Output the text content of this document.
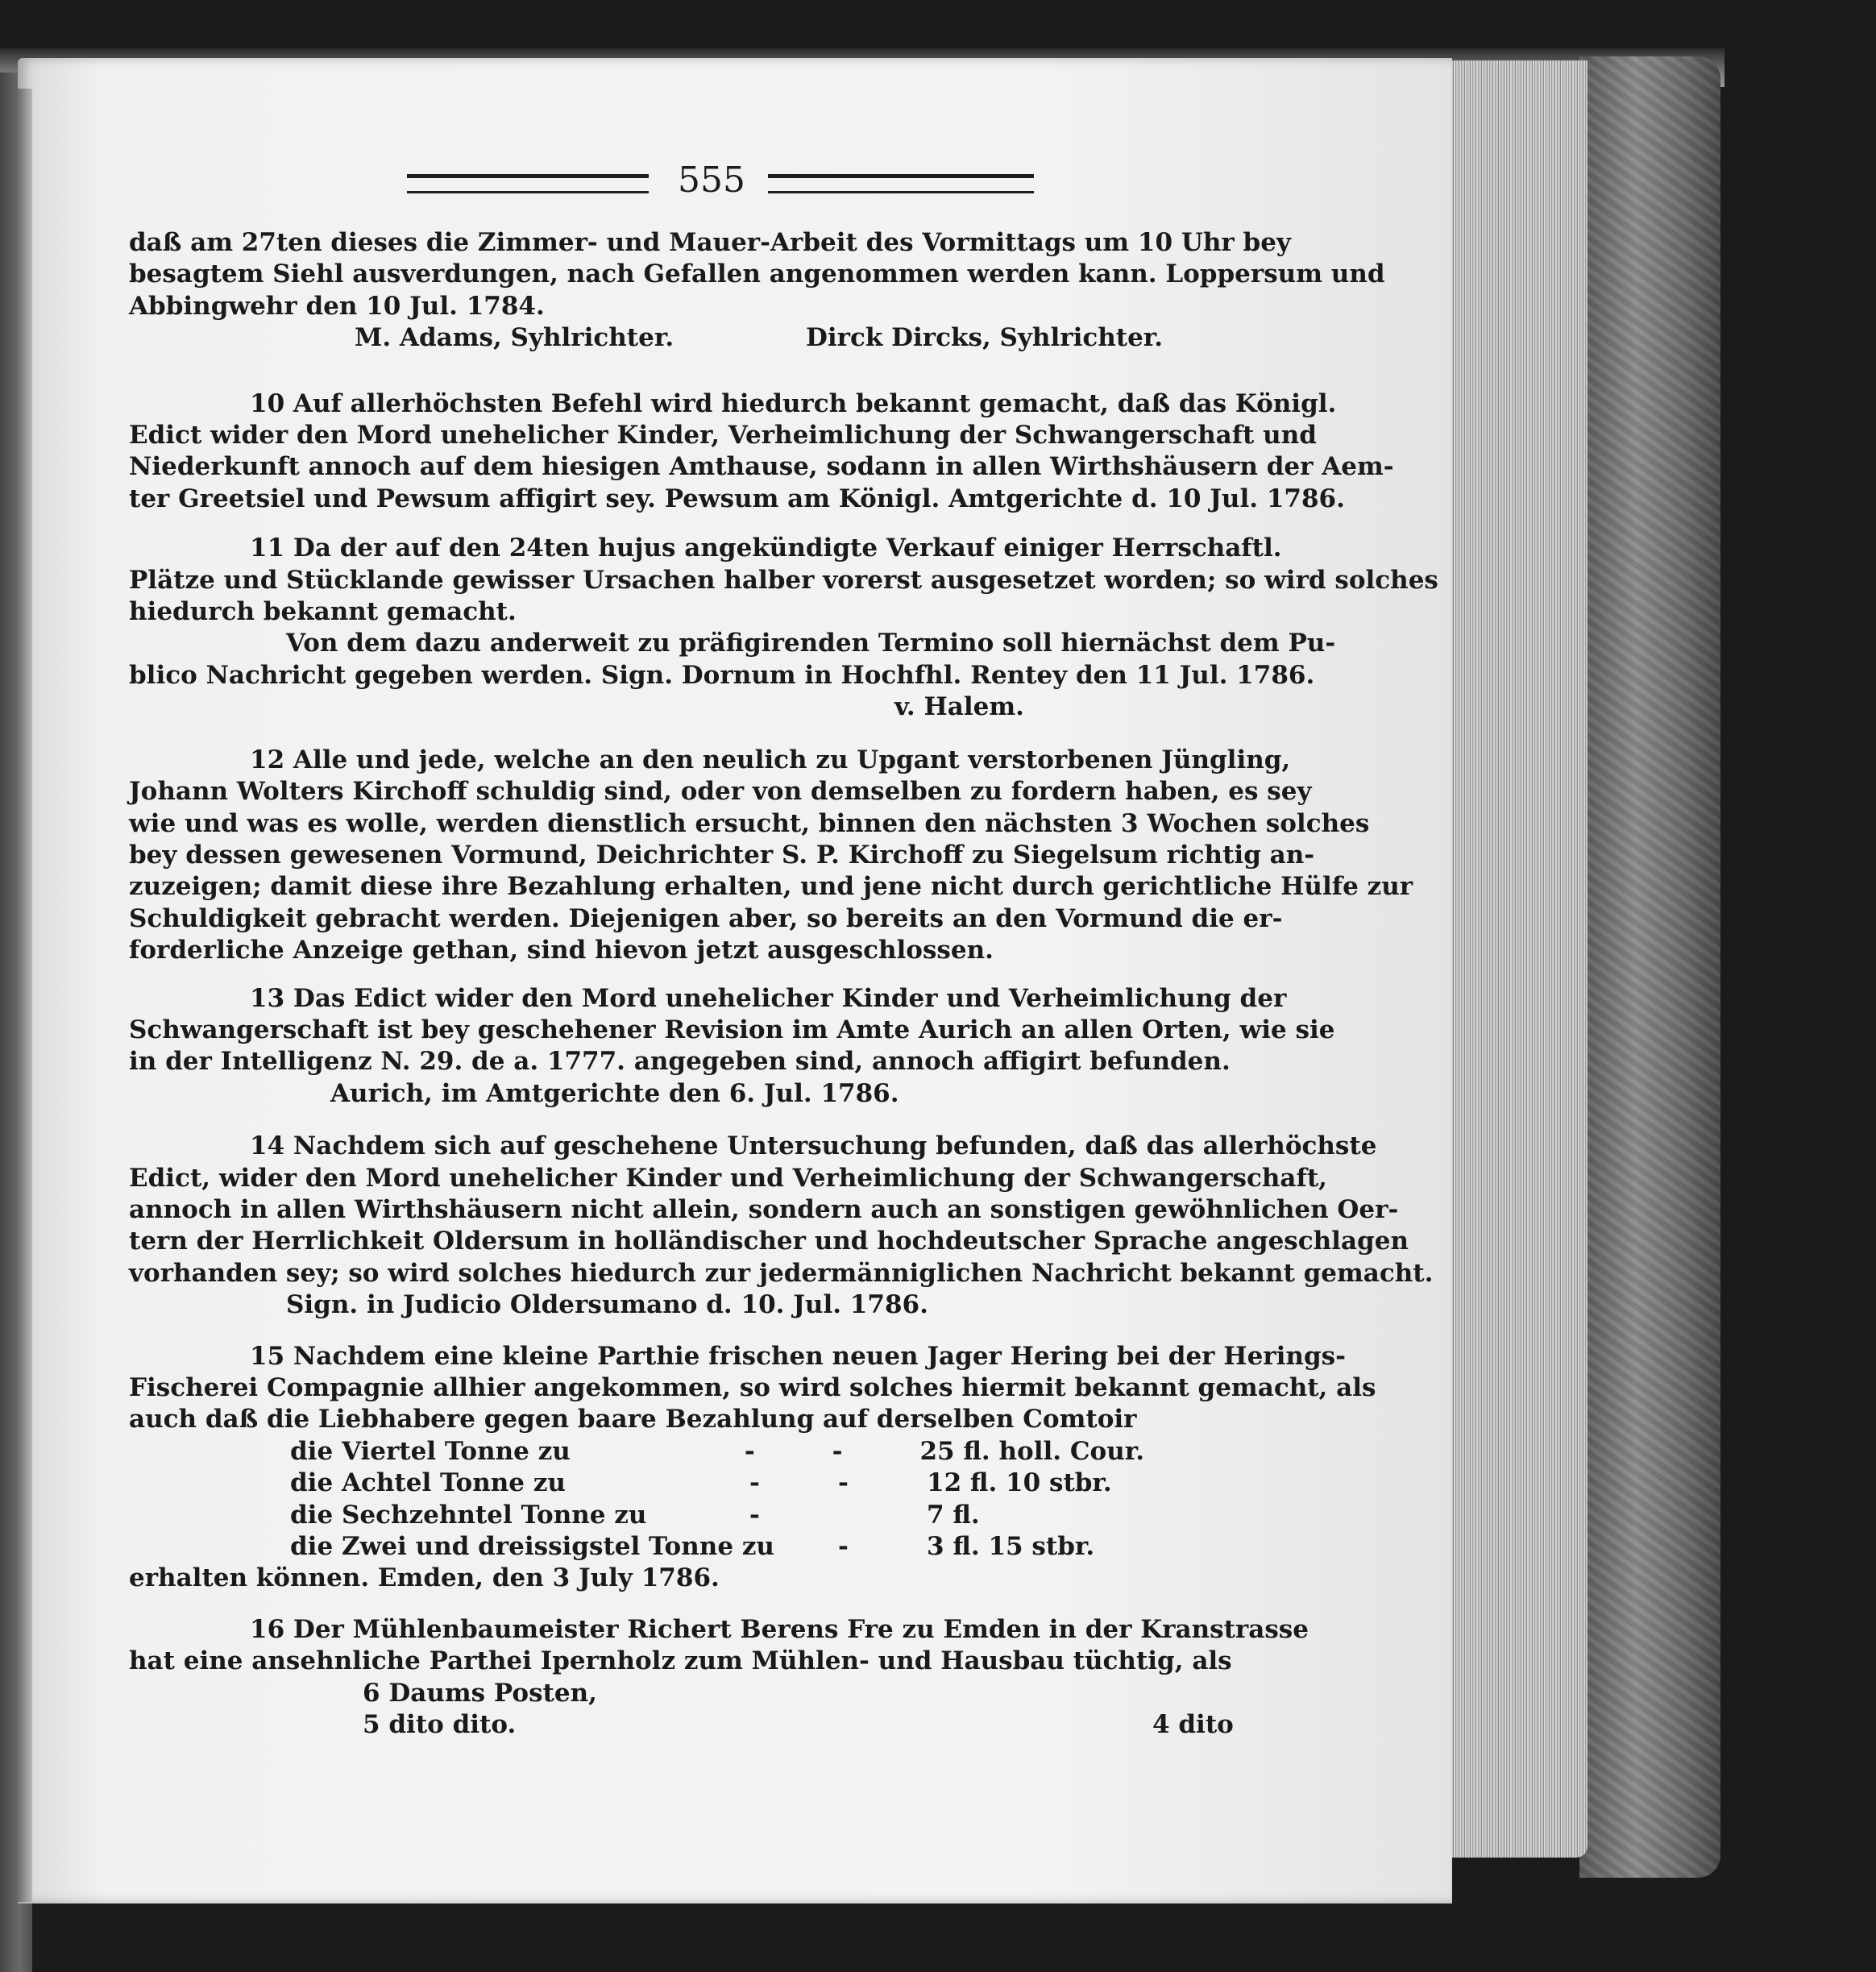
555
daß am 27ten dieses die Zimmer- und Mauer-Arbeit des Vormittags um 10 Uhr bey
besagtem Siehl ausverdungen, nach Gefallen angenommen werden kann. Loppersum und
Abbingwehr den 10 Jul. 1784.
M. Adams, Syhlrichter.	Dirck Dircks, Syhlrichter.
10 Auf allerhöchsten Befehl wird hiedurch bekannt gemacht, daß das Königl.
Edict wider den Mord unehelicher Kinder, Verheimlichung der Schwangerschaft und
Niederkunft annoch auf dem hiesigen Amthause, sodann in allen Wirthshäusern der Aem-
ter Greetsiel und Pewsum affigirt sey. Pewsum am Königl. Amtgerichte d. 10 Jul. 1786.
11 Da der auf den 24ten hujus angekündigte Verkauf einiger Herrschaftl.
Plätze und Stücklande gewisser Ursachen halber vorerst ausgesetzet worden; so wird solches
hiedurch bekannt gemacht.
Von dem dazu anderweit zu präfigirenden Termino soll hiernächst dem Pu-
blico Nachricht gegeben werden. Sign. Dornum in Hochfhl. Rentey den 11 Jul. 1786.
v. Halem.
12 Alle und jede, welche an den neulich zu Upgant verstorbenen Jüngling,
Johann Wolters Kirchoff schuldig sind, oder von demselben zu fordern haben, es sey
wie und was es wolle, werden dienstlich ersucht, binnen den nächsten 3 Wochen solches
bey dessen gewesenen Vormund, Deichrichter S. P. Kirchoff zu Siegelsum richtig an-
zuzeigen; damit diese ihre Bezahlung erhalten, und jene nicht durch gerichtliche Hülfe zur
Schuldigkeit gebracht werden. Diejenigen aber, so bereits an den Vormund die er-
forderliche Anzeige gethan, sind hievon jetzt ausgeschlossen.
13 Das Edict wider den Mord unehelicher Kinder und Verheimlichung der
Schwangerschaft ist bey geschehener Revision im Amte Aurich an allen Orten, wie sie
in der Intelligenz N. 29. de a. 1777. angegeben sind, annoch affigirt befunden.
Aurich, im Amtgerichte den 6. Jul. 1786.
14 Nachdem sich auf geschehene Untersuchung befunden, daß das allerhöchste
Edict, wider den Mord unehelicher Kinder und Verheimlichung der Schwangerschaft,
annoch in allen Wirthshäusern nicht allein, sondern auch an sonstigen gewöhnlichen Oer-
tern der Herrlichkeit Oldersum in holländischer und hochdeutscher Sprache angeschlagen
vorhanden sey; so wird solches hiedurch zur jedermänniglichen Nachricht bekannt gemacht.
Sign. in Judicio Oldersumano d. 10. Jul. 1786.
15 Nachdem eine kleine Parthie frischen neuen Jager Hering bei der Herings-
Fischerei Compagnie allhier angekommen, so wird solches hiermit bekannt gemacht, als
auch daß die Liebhabere gegen baare Bezahlung auf derselben Comtoir
die Viertel Tonne zu	-	-	25 fl. holl. Cour.
die Achtel Tonne zu	-	-	12 fl. 10 stbr.
die Sechzehntel Tonne zu	-	7 fl.
die Zwei und dreissigstel Tonne zu	-	3 fl. 15 stbr.
erhalten können. Emden, den 3 July 1786.
16 Der Mühlenbaumeister Richert Berens Fre zu Emden in der Kranstrasse
hat eine ansehnliche Parthei Ipernholz zum Mühlen- und Hausbau tüchtig, als
6 Daums Posten,
5 dito dito.	4 dito
